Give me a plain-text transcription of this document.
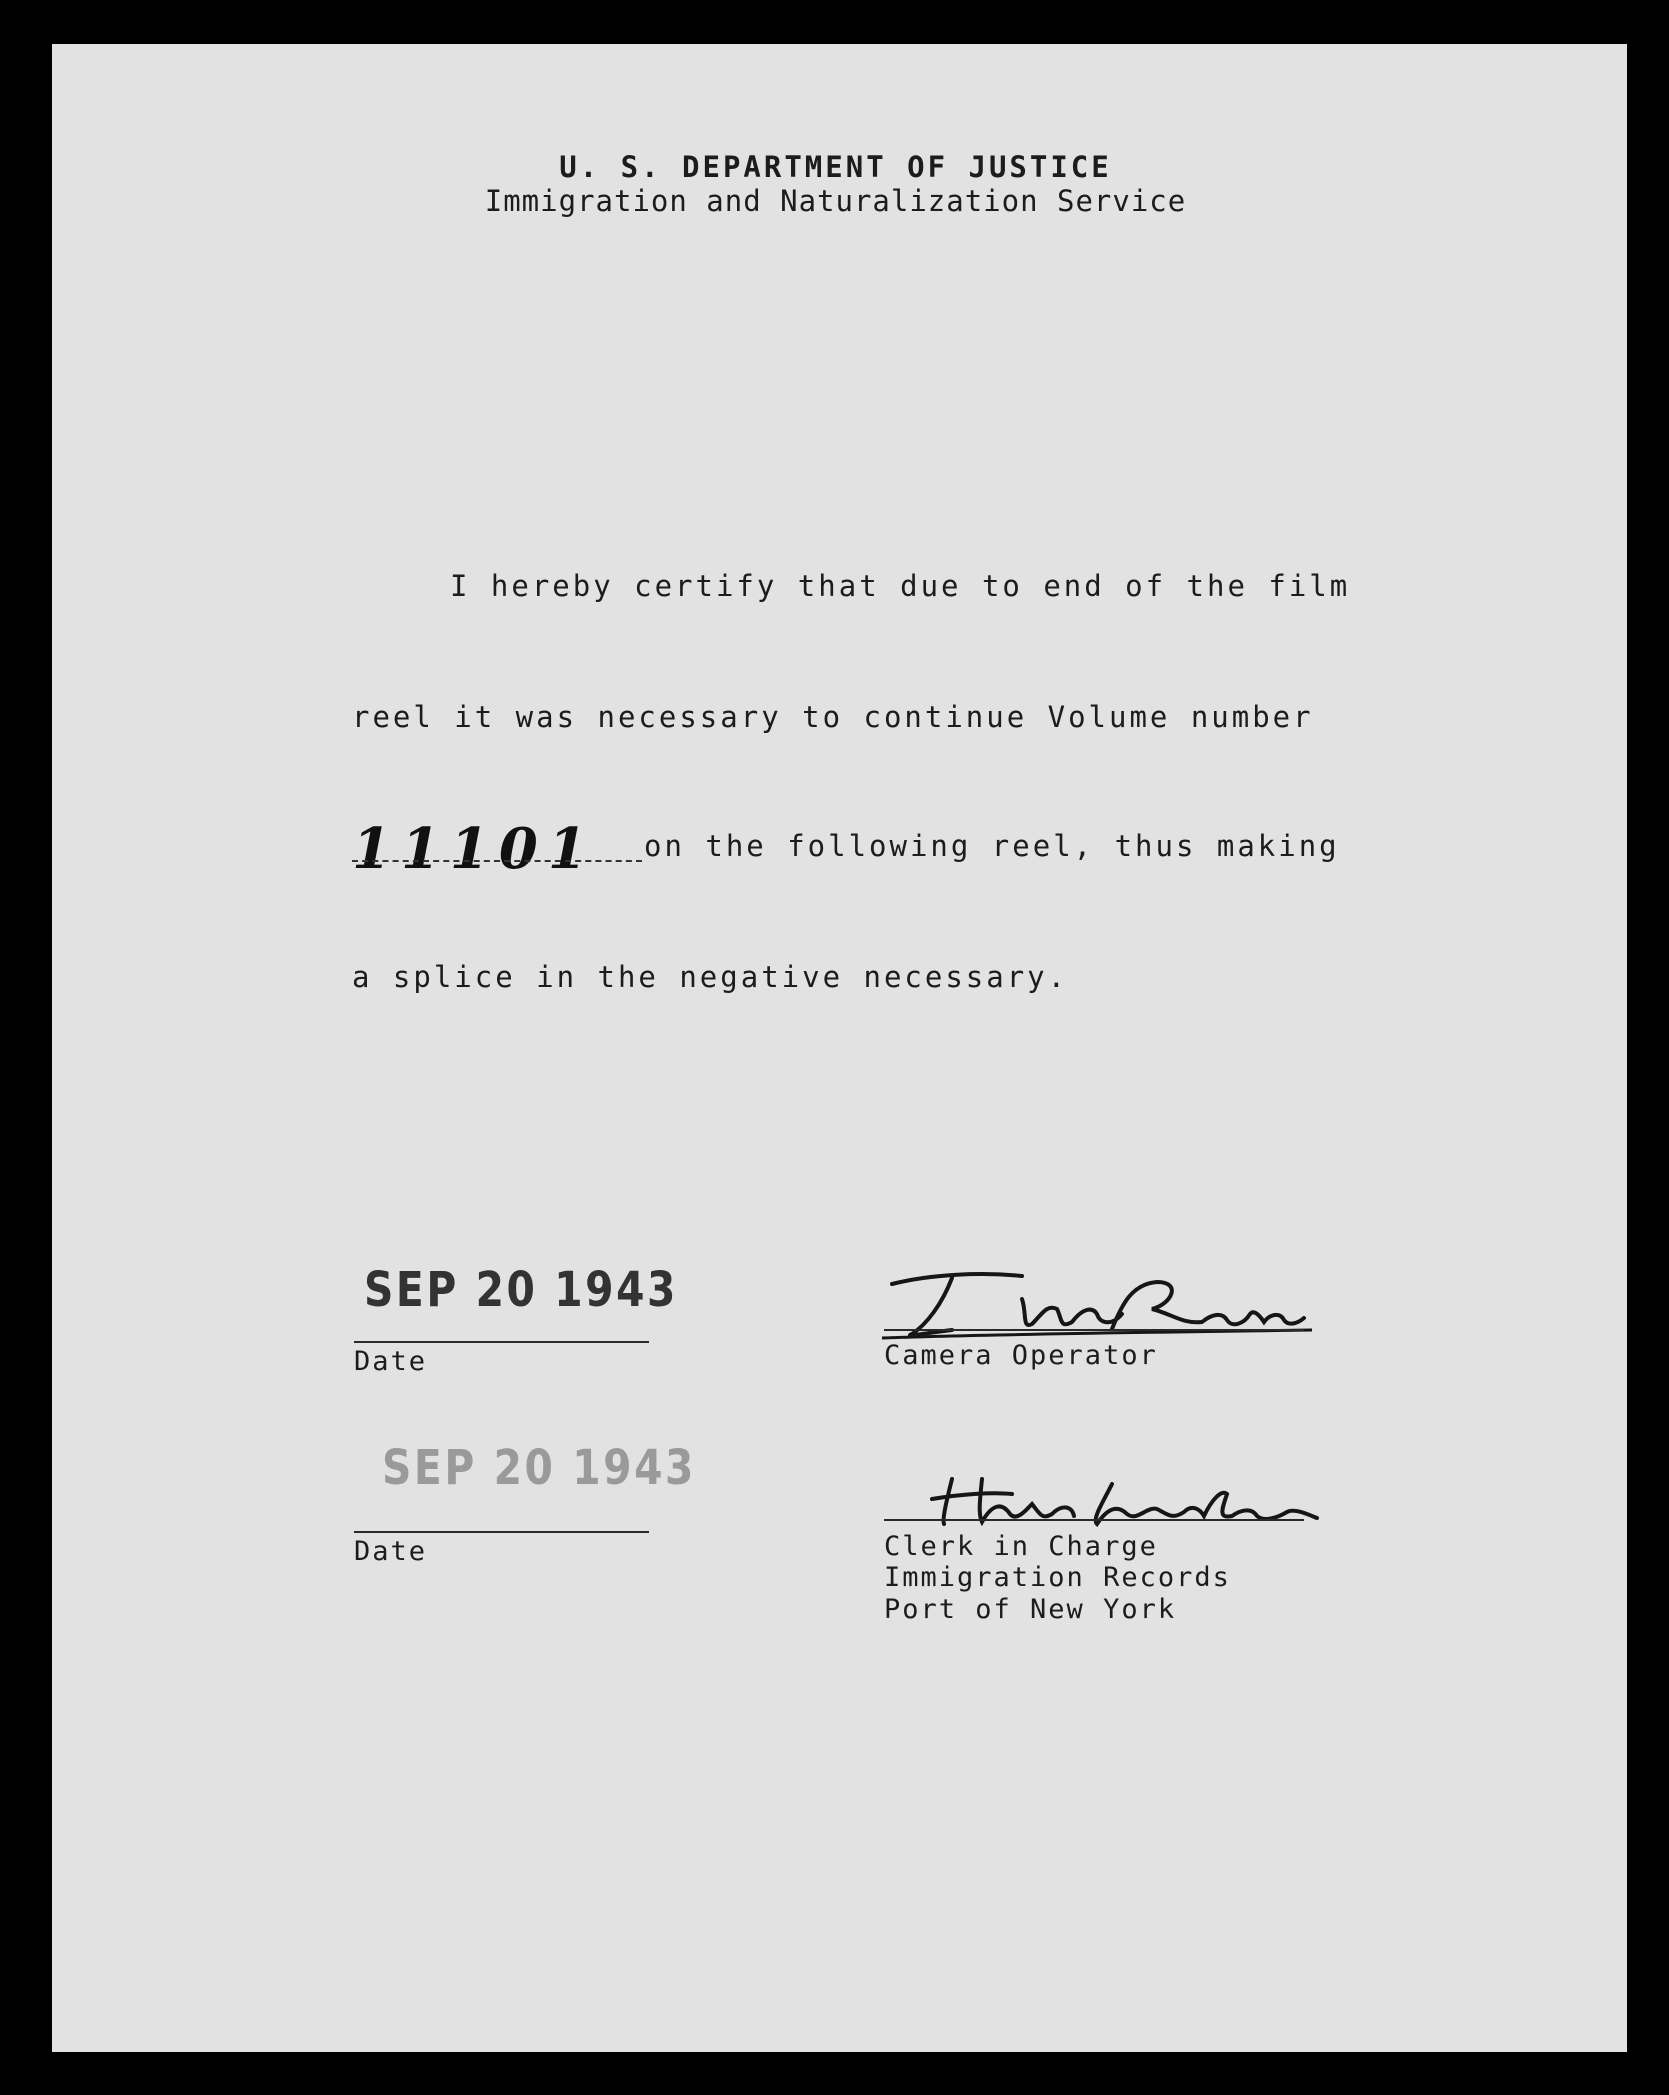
U. S. DEPARTMENT OF JUSTICE
Immigration and Naturalization Service
I hereby certify that due to end of the film
reel it was necessary to continue Volume number
11101 on the following reel, thus making
a splice in the negative necessary.
SEP 20 1943
Date
SEP 20 1943
Date
Camera Operator
Clerk in Charge
Immigration Records
Port of New York
